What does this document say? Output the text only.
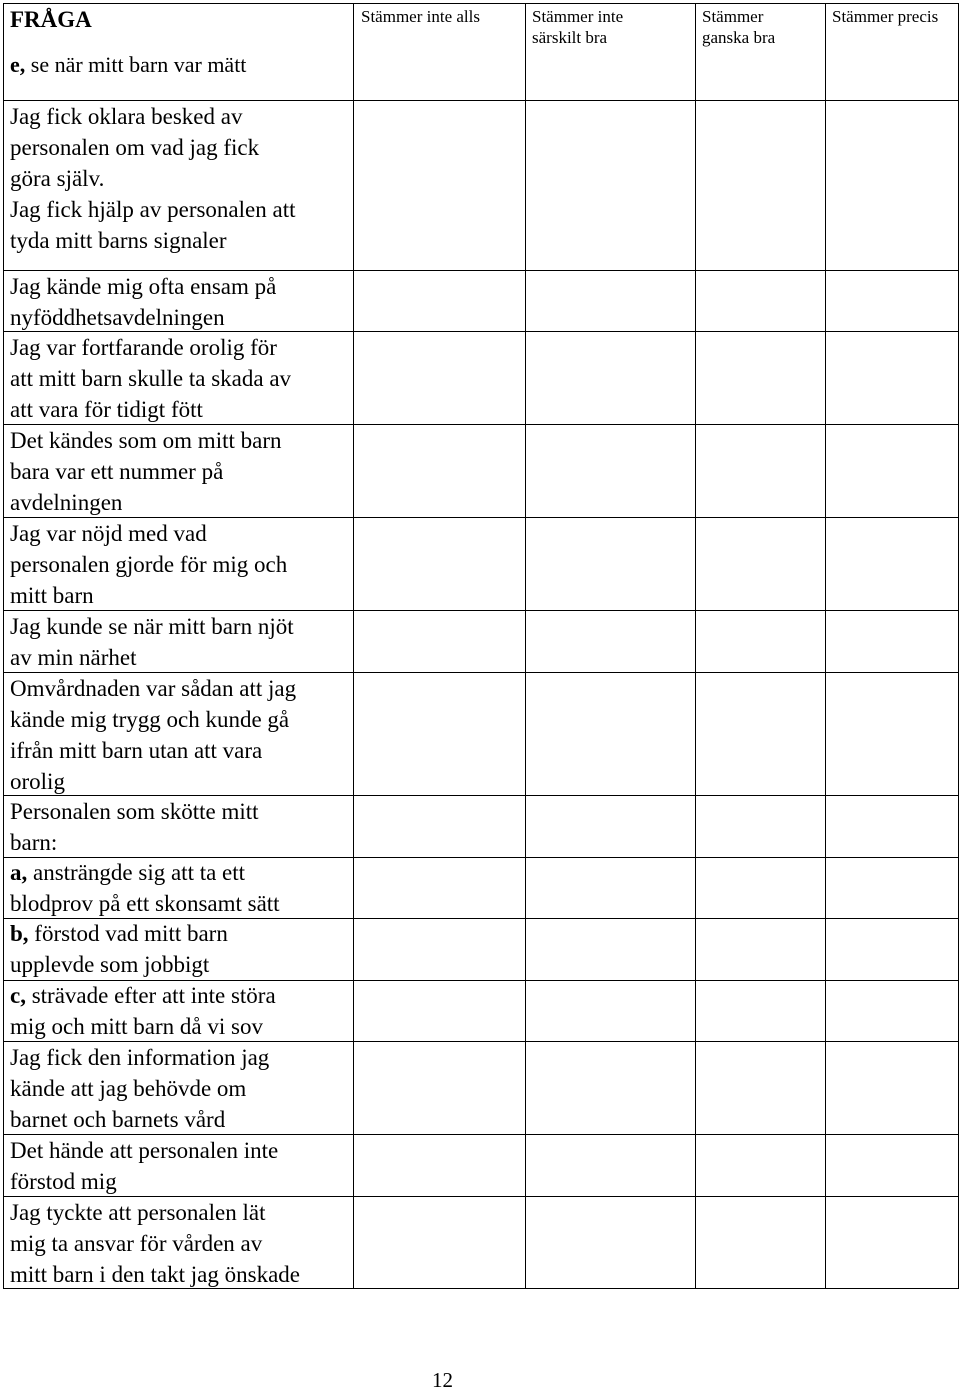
FRÅGA
e, se när mitt barn var mätt
Stämmer inte alls	Stämmer inte
särskilt bra
Stämmer
ganska bra
Stämmer precis
Jag fick oklara besked av
personalen om vad jag fick
göra själv.
Jag fick hjälp av personalen att
tyda mitt barns signaler
Jag kände mig ofta ensam på
nyföddhetsavdelningen
Jag var fortfarande orolig för
att mitt barn skulle ta skada av
att vara för tidigt fött
Det kändes som om mitt barn
bara var ett nummer på
avdelningen
Jag var nöjd med vad
personalen gjorde för mig och
mitt barn
Jag kunde se när mitt barn njöt
av min närhet
Omvårdnaden var sådan att jag
kände mig trygg och kunde gå
ifrån mitt barn utan att vara
orolig
Personalen som skötte mitt
barn:
a, ansträngde sig att ta ett
blodprov på ett skonsamt sätt
b, förstod vad mitt barn
upplevde som jobbigt
c, strävade efter att inte störa
mig och mitt barn då vi sov
Jag fick den information jag
kände att jag behövde om
barnet och barnets vård
Det hände att personalen inte
förstod mig
Jag tyckte att personalen lät
mig ta ansvar för vården av
mitt barn i den takt jag önskade
12
